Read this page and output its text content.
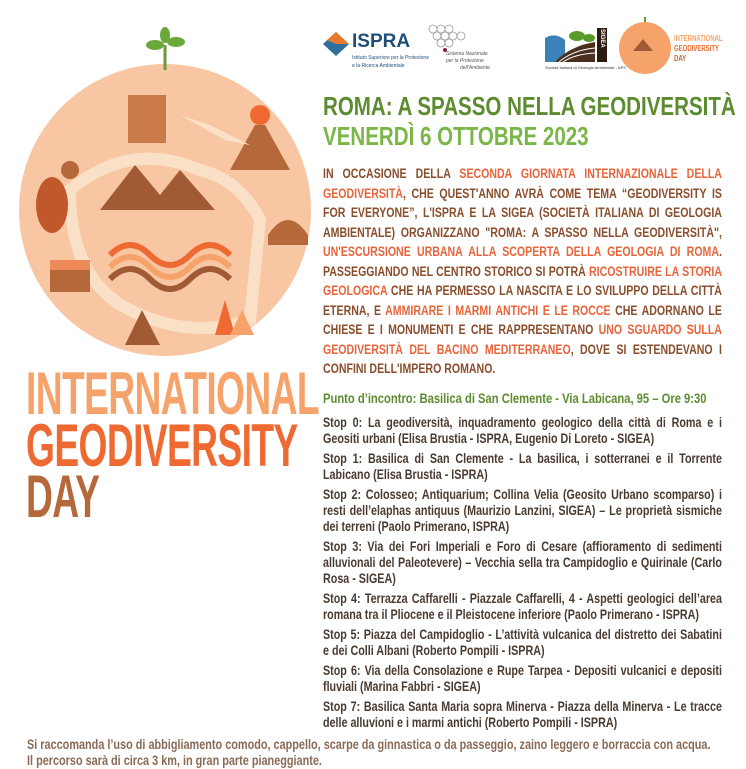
INTERNATIONAL
GEODIVERSITY
DAY
ISPRA
Istituto Superiore per la Protezione
e la Ricerca Ambientale
Sistema Nazionale
per la Protezione
dell'Ambiente	Società Italiana di Geologia Ambientale - APS
SIGEA	INTERNATIONAL
GEODIVERSITY
DAY
ROMA: A SPASSO NELLA GEODIVERSITÀ
VENERDÌ 6 OTTOBRE 2023
IN OCCASIONE DELLA SECONDA GIORNATA INTERNAZIONALE DELLA GEODIVERSITÀ, CHE QUEST'ANNO AVRÀ COME TEMA “GEODIVERSITY IS FOR EVERYONE”, L'ISPRA E LA SIGEA (SOCIETÀ ITALIANA DI GEOLOGIA AMBIENTALE) ORGANIZZANO "ROMA: A SPASSO NELLA GEODIVERSITÀ", UN'ESCURSIONE URBANA ALLA SCOPERTA DELLA GEOLOGIA DI ROMA. PASSEGGIANDO NEL CENTRO STORICO SI POTRÀ RICOSTRUIRE LA STORIA GEOLOGICA CHE HA PERMESSO LA NASCITA E LO SVILUPPO DELLA CITTÀ ETERNA, E AMMIRARE I MARMI ANTICHI E LE ROCCE CHE ADORNANO LE CHIESE E I MONUMENTI E CHE RAPPRESENTANO UNO SGUARDO SULLA GEODIVERSITÀ DEL BACINO MEDITERRANEO, DOVE SI ESTENDEVANO I CONFINI DELL'IMPERO ROMANO.
Punto d’incontro: Basilica di San Clemente - Via Labicana, 95 – Ore 9:30
Stop 0: La geodiversità, inquadramento geologico della città di Roma e i Geositi urbani (Elisa Brustia - ISPRA, Eugenio Di Loreto - SIGEA)
Stop 1: Basilica di San Clemente - La basilica, i sotterranei e il Torrente Labicano (Elisa Brustia - ISPRA)
Stop 2: Colosseo; Antiquarium; Collina Velia (Geosito Urbano scomparso) i resti dell’elaphas antiquus (Maurizio Lanzini, SIGEA) – Le proprietà sismiche dei terreni (Paolo Primerano, ISPRA)
Stop 3: Via dei Fori Imperiali e Foro di Cesare (affioramento di sedimenti alluvionali del Paleotevere) – Vecchia sella tra Campidoglio e Quirinale (Carlo Rosa - SIGEA)
Stop 4: Terrazza Caffarelli - Piazzale Caffarelli, 4 - Aspetti geologici dell’area romana tra il Pliocene e il Pleistocene inferiore (Paolo Primerano - ISPRA)
Stop 5: Piazza del Campidoglio - L’attività vulcanica del distretto dei Sabatini e dei Colli Albani (Roberto Pompili - ISPRA)
Stop 6: Via della Consolazione e Rupe Tarpea - Depositi vulcanici e depositi fluviali (Marina Fabbri - SIGEA)
Stop 7: Basilica Santa Maria sopra Minerva - Piazza della Minerva - Le tracce delle alluvioni e i marmi antichi (Roberto Pompili - ISPRA)
Si raccomanda l’uso di abbigliamento comodo, cappello, scarpe da ginnastica o da passeggio, zaino leggero e borraccia con acqua.
Il percorso sarà di circa 3 km, in gran parte pianeggiante.
